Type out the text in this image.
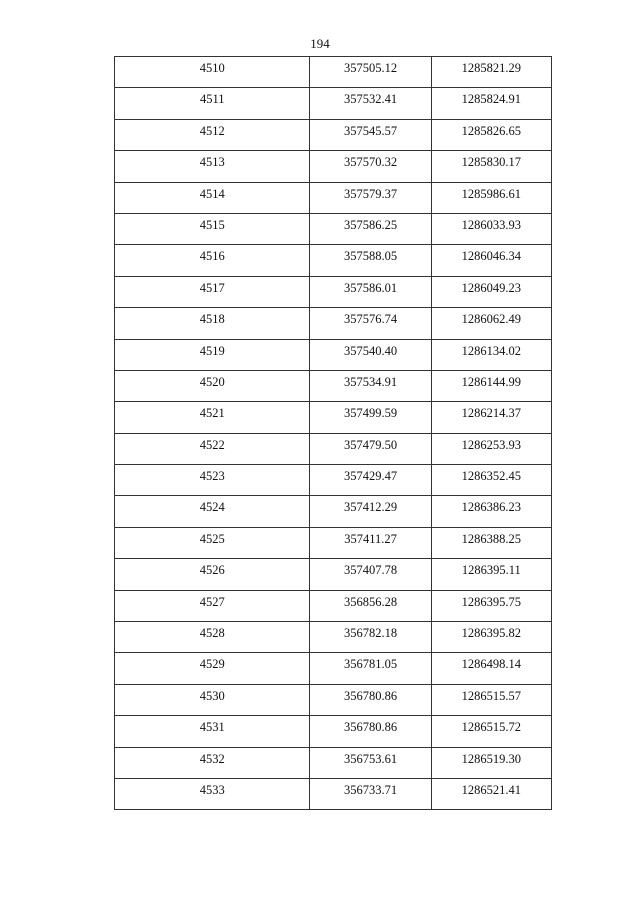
194
4510	357505.12	1285821.29

4511	357532.41	1285824.91

4512	357545.57	1285826.65

4513	357570.32	1285830.17

4514	357579.37	1285986.61

4515	357586.25	1286033.93

4516	357588.05	1286046.34

4517	357586.01	1286049.23

4518	357576.74	1286062.49

4519	357540.40	1286134.02

4520	357534.91	1286144.99

4521	357499.59	1286214.37

4522	357479.50	1286253.93

4523	357429.47	1286352.45

4524	357412.29	1286386.23

4525	357411.27	1286388.25

4526	357407.78	1286395.11

4527	356856.28	1286395.75

4528	356782.18	1286395.82

4529	356781.05	1286498.14

4530	356780.86	1286515.57

4531	356780.86	1286515.72

4532	356753.61	1286519.30

4533	356733.71	1286521.41
